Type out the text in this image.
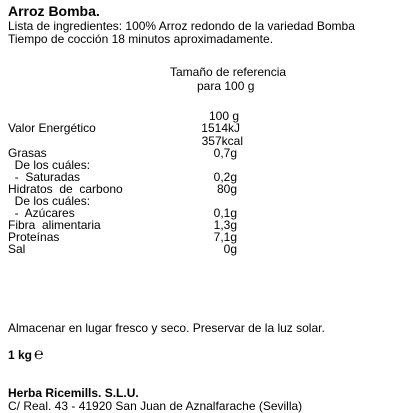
Arroz Bomba.
Lista de ingredientes: 100% Arroz redondo de la variedad Bomba
Tiempo de cocción 18 minutos aproximadamente.
Tamaño de referencia
para 100 g
100 g
Valor Energético	1514kJ
357kcal
Grasas	0,7g
De los cuáles:
-  Saturadas	0,2g
Hidratos  de  carbono	80g
De los cuáles:
-  Azúcares	0,1g
Fibra  alimentaria	1,3g
Proteínas	7,1g
Sal	0g
Almacenar en lugar fresco y seco. Preservar de la luz solar.
1 kg ℮
Herba Ricemills. S.L.U.
C/ Real. 43 - 41920 San Juan de Aznalfarache (Sevilla)
